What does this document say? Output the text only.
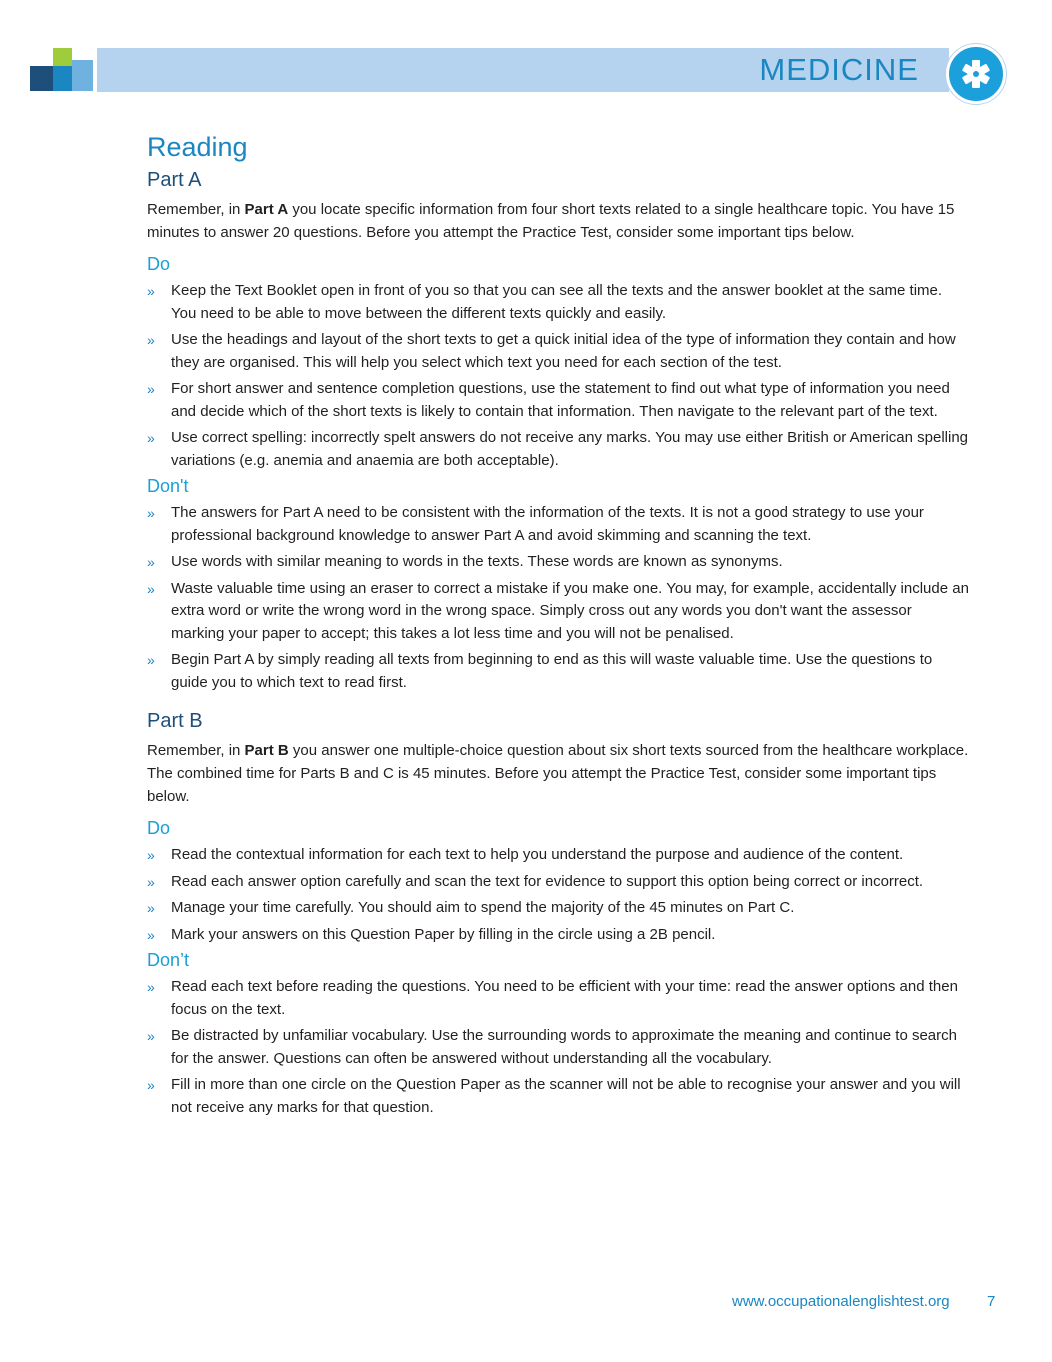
MEDICINE
Reading
Part A

Remember, in Part A you locate specific information from four short texts related to a single healthcare topic. You have 15 minutes to answer 20 questions. Before you attempt the Practice Test, consider some important tips below.

Do
» Keep the Text Booklet open in front of you so that you can see all the texts and the answer booklet at the same time. You need to be able to move between the different texts quickly and easily.
» Use the headings and layout of the short texts to get a quick initial idea of the type of information they contain and how they are organised. This will help you select which text you need for each section of the test.
» For short answer and sentence completion questions, use the statement to find out what type of information you need and decide which of the short texts is likely to contain that information. Then navigate to the relevant part of the text.
» Use correct spelling: incorrectly spelt answers do not receive any marks. You may use either British or American spelling variations (e.g. anemia and anaemia are both acceptable).
Don't
» The answers for Part A need to be consistent with the information of the texts. It is not a good strategy to use your professional background knowledge to answer Part A and avoid skimming and scanning the text.
» Use words with similar meaning to words in the texts. These words are known as synonyms.
» Waste valuable time using an eraser to correct a mistake if you make one. You may, for example, accidentally include an extra word or write the wrong word in the wrong space. Simply cross out any words you don't want the assessor marking your paper to accept; this takes a lot less time and you will not be penalised.
» Begin Part A by simply reading all texts from beginning to end as this will waste valuable time. Use the questions to guide you to which text to read first.
Part B

Remember, in Part B you answer one multiple-choice question about six short texts sourced from the healthcare workplace. The combined time for Parts B and C is 45 minutes. Before you attempt the Practice Test, consider some important tips below.

Do
» Read the contextual information for each text to help you understand the purpose and audience of the content.
» Read each answer option carefully and scan the text for evidence to support this option being correct or incorrect.
» Manage your time carefully. You should aim to spend the majority of the 45 minutes on Part C.
» Mark your answers on this Question Paper by filling in the circle using a 2B pencil.
Don’t
» Read each text before reading the questions. You need to be efficient with your time: read the answer options and then focus on the text.
» Be distracted by unfamiliar vocabulary. Use the surrounding words to approximate the meaning and continue to search for the answer. Questions can often be answered without understanding all the vocabulary.
» Fill in more than one circle on the Question Paper as the scanner will not be able to recognise your answer and you will not receive any marks for that question.
www.occupationalenglishtest.org 7
